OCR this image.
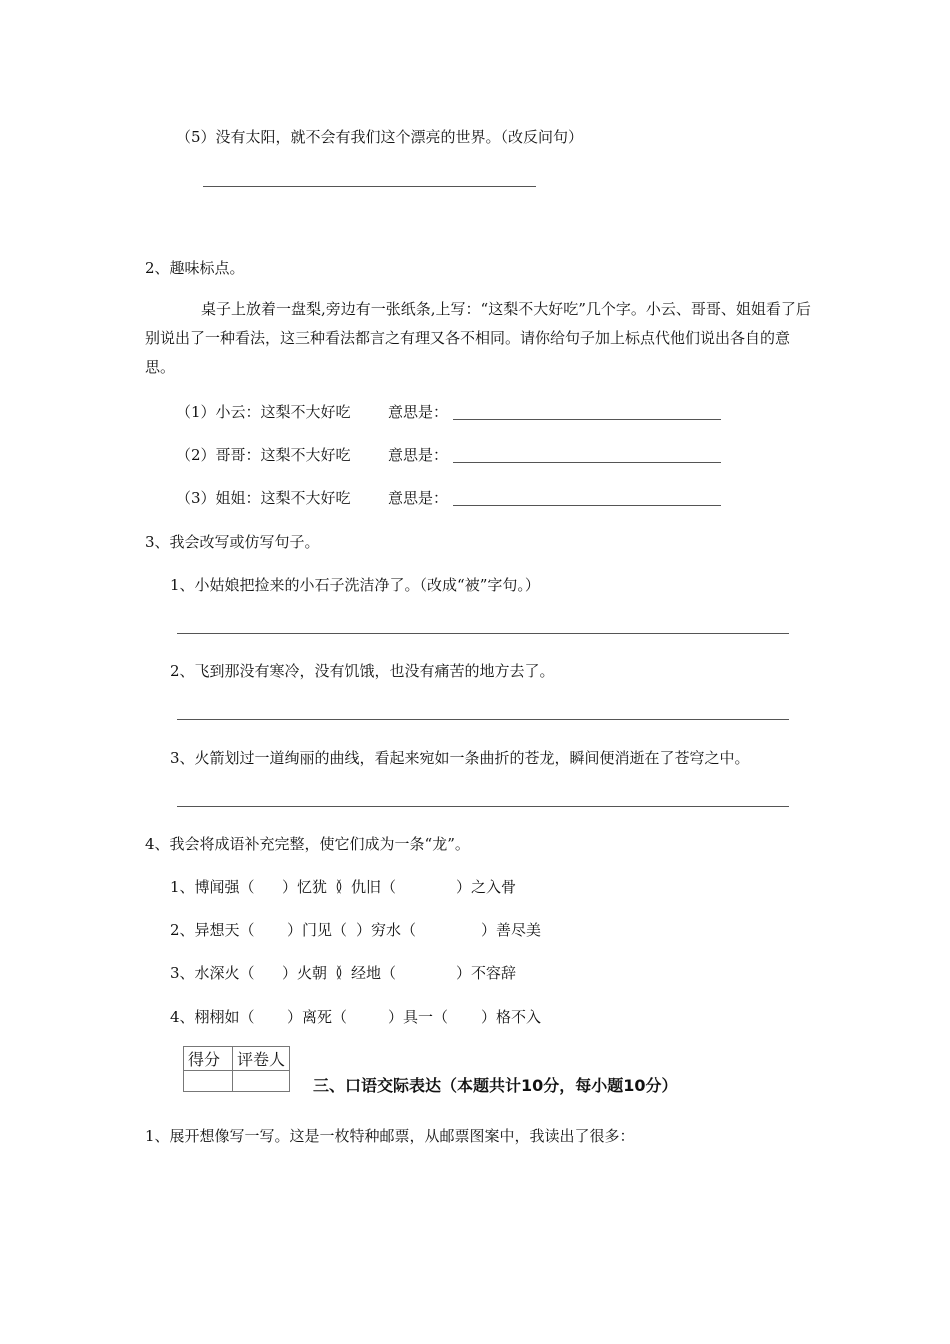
（5）没有太阳，就不会有我们这个漂亮的世界。（改反问句）
2、趣味标点。
桌子上放着一盘梨,旁边有一张纸条,上写：“这梨不大好吃”几个字。小云、哥哥、姐姐看了后别说出了一种看法，这三种看法都言之有理又各不相同。请你给句子加上标点代他们说出各自的意思。
（1）小云：这梨不大好吃 意思是：
（2）哥哥：这梨不大好吃 意思是：
（3）姐姐：这梨不大好吃 意思是：
3、我会改写或仿写句子。
1、小姑娘把捡来的小石子洗洁净了。（改成“被”字句。）
2、飞到那没有寒冷，没有饥饿，也没有痛苦的地方去了。
3、火箭划过一道绚丽的曲线，看起来宛如一条曲折的苍龙，瞬间便消逝在了苍穹之中。
4、我会将成语补充完整，使它们成为一条“龙”。
1、博闻强（ ）忆犹（
）仇旧（	）之入骨
2、异想天（ ）门见（ ）穷水（	）善尽美
3、水深火（ ）火朝（
）经地（	）不容辞
4、栩栩如（ ）离死（	）具一（ ）格不入
得分	评卷人

三、口语交际表达（本题共计10分，每小题10分）
1、展开想像写一写。这是一枚特种邮票，从邮票图案中，我读出了很多：
